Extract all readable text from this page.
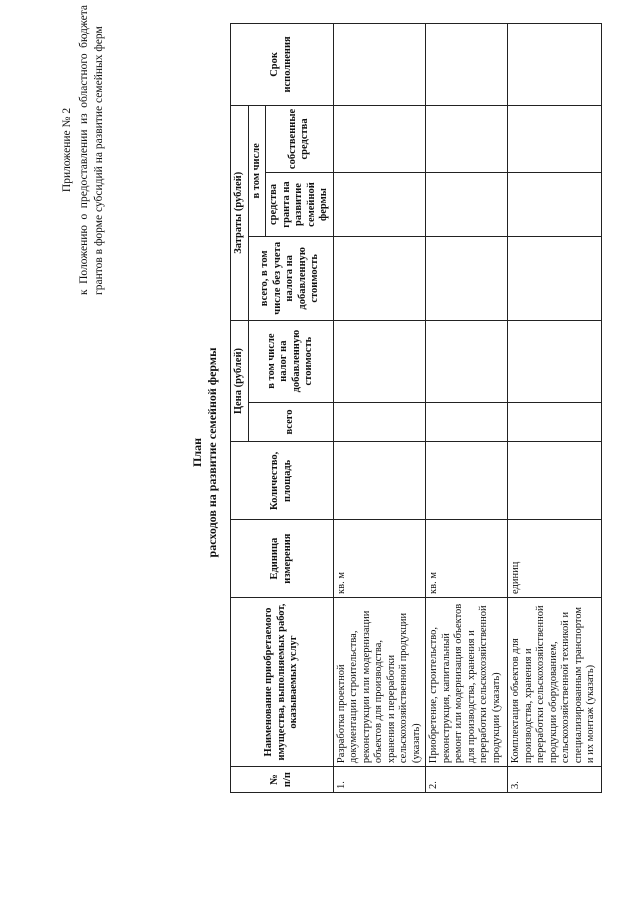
Приложение № 2 к Положению о предоставлении из областного бюджета грантов в форме субсидий на развитие семейных ферм
План расходов на развитие семейной фермы
№ п/п	Наименование приобретаемого имущества, выполняемых работ, оказываемых услуг	Единица измерения	Количество, площадь	Цена (рублей)		Затраты (рублей)			Срок исполнения
				всего	в том числе налог на добавленную стоимость	всего, в том числе без учета налога на добавленную стоимость	в том числе		
							средства гранта на развитие семейной фермы	собственные средства	
1.	Разработка проектной документации строительства, реконструкции или модернизации объектов для производства, хранения и переработки сельскохозяйственной продукции (указать)	кв. м							
2.	Приобретение, строительство, реконструкция, капитальный ремонт или модернизация объектов для производства, хранения и переработки сельскохозяйственной продукции (указать)	кв. м							
3.	Комплектация объектов для производства, хранения и переработки сельскохозяйственной продукции оборудованием, сельскохозяйственной техникой и специализированным транспортом и их монтаж (указать)	единиц							
